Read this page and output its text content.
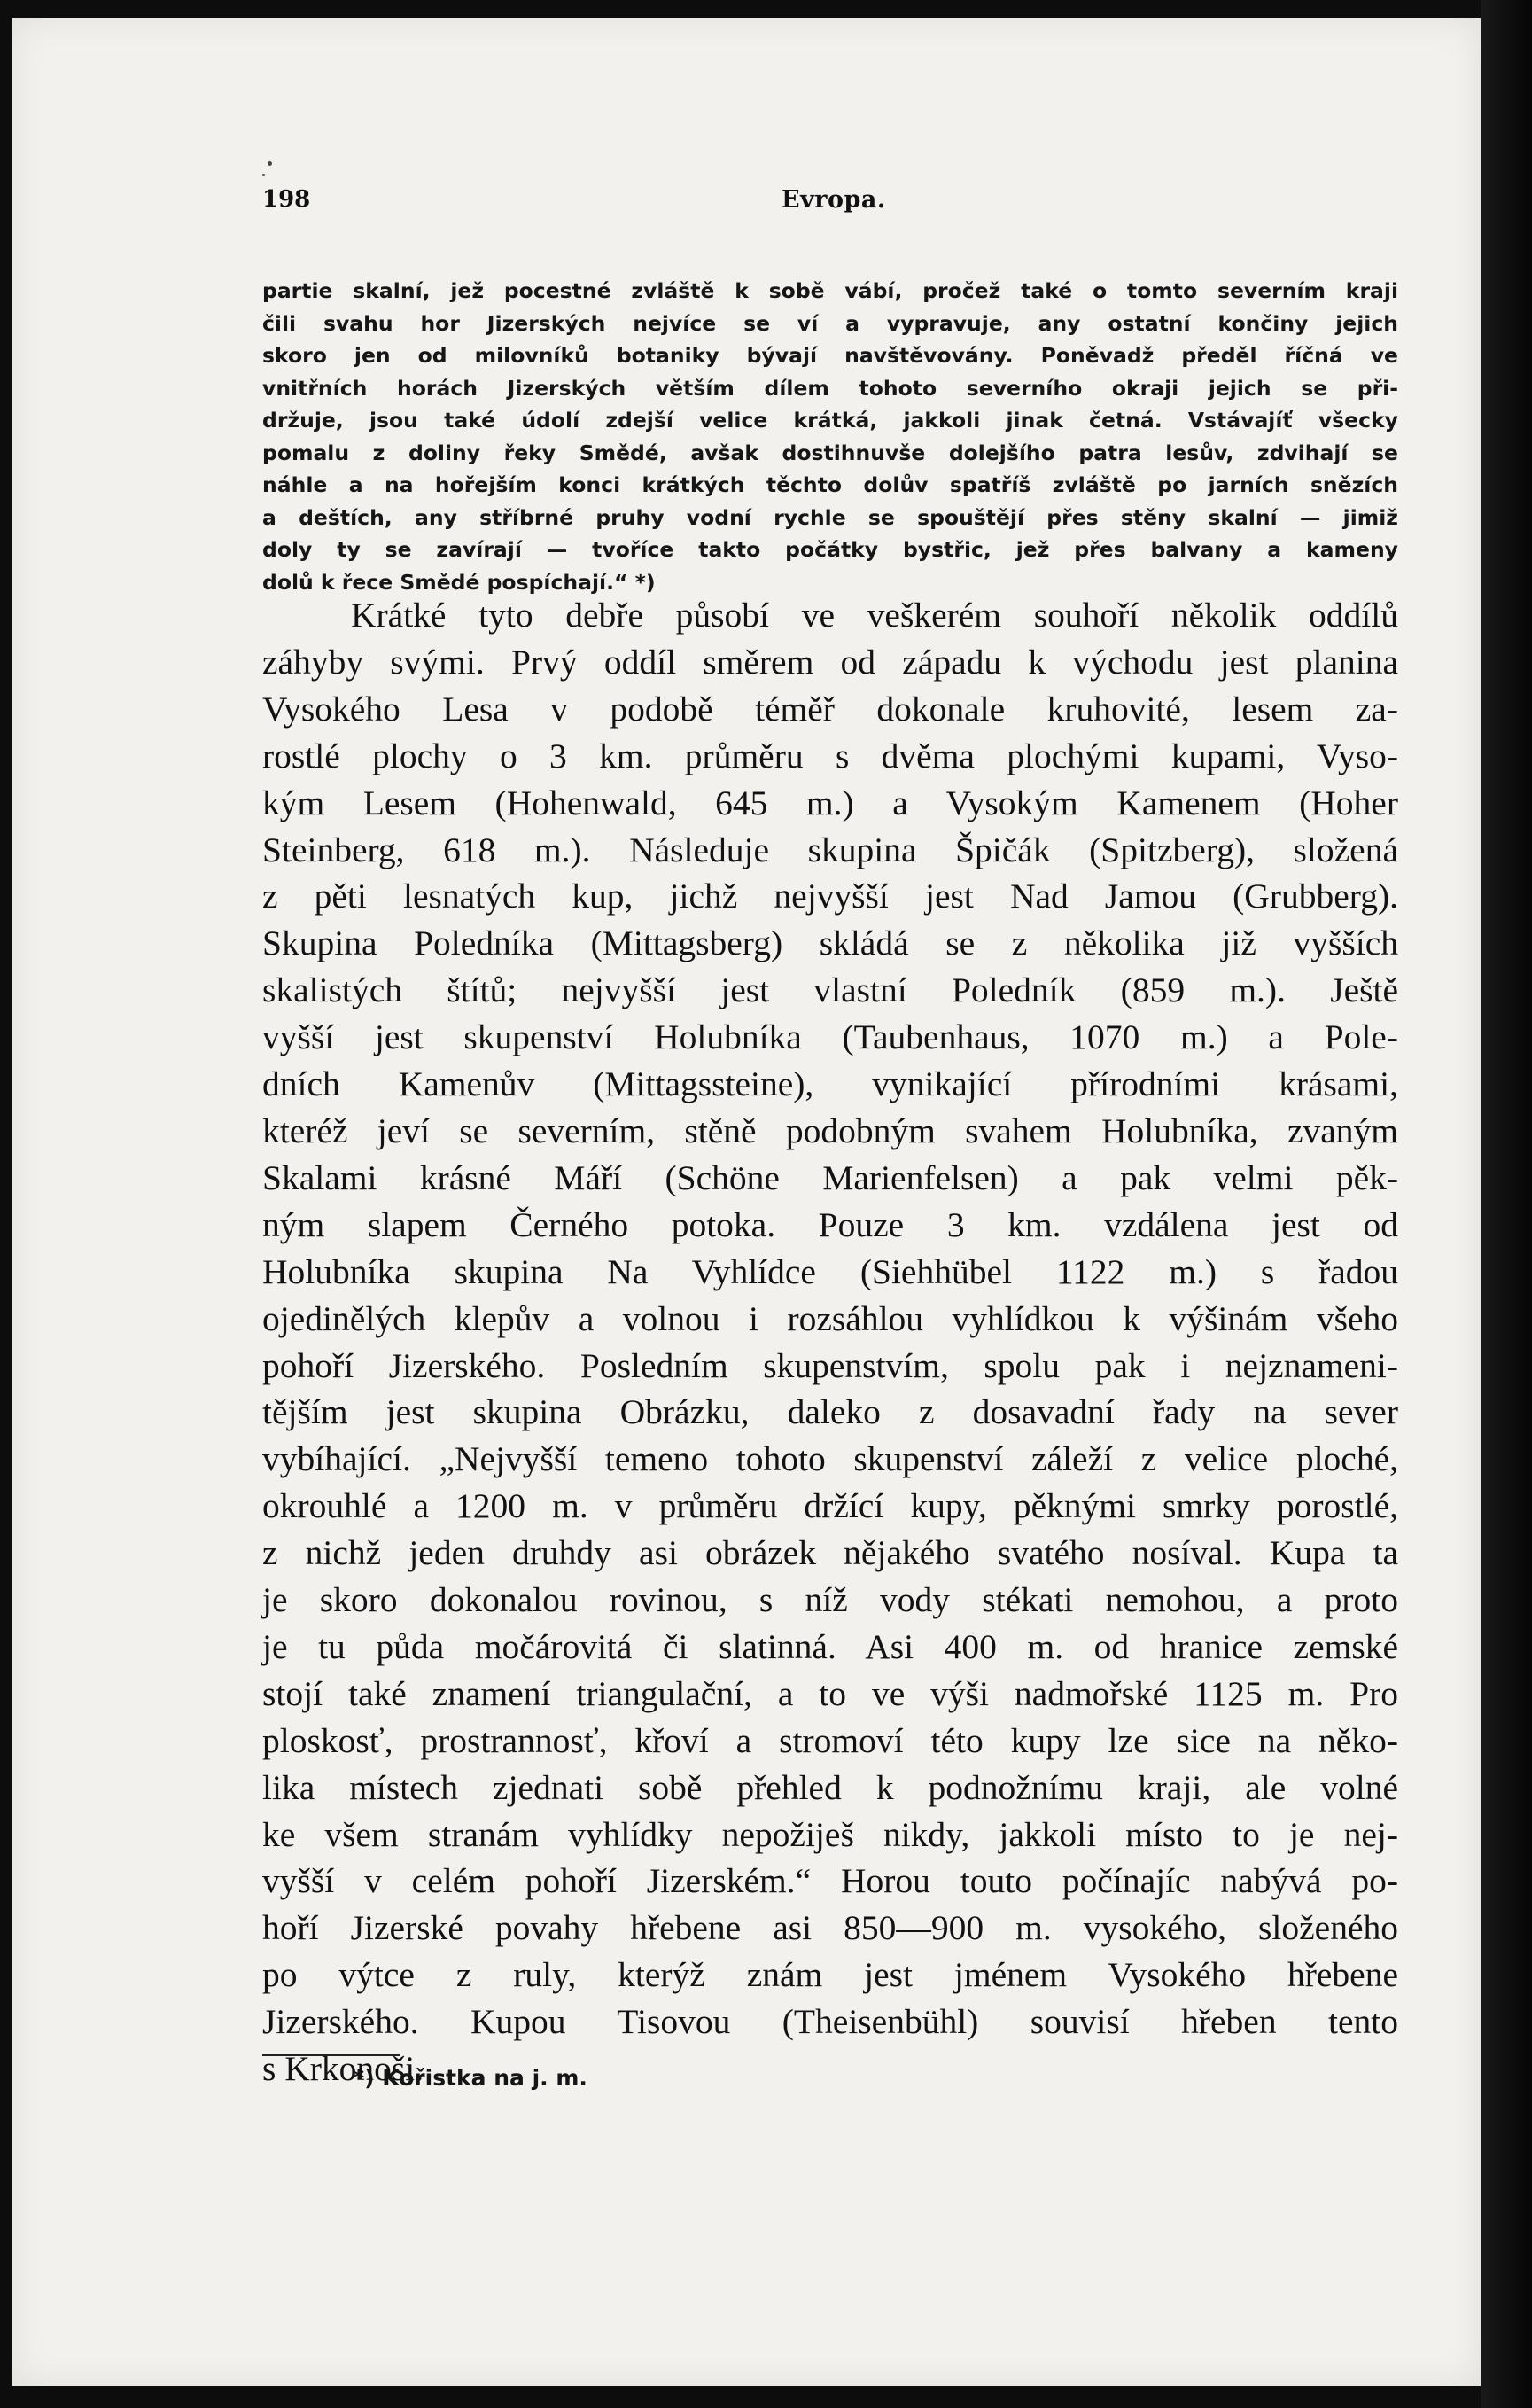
198	Evropa.
partie skalní, jež pocestné zvláště k sobě vábí, pročež také o tomto severním kraji
čili svahu hor Jizerských nejvíce se ví a vypravuje, any ostatní končiny jejich
skoro jen od milovníků botaniky bývají navštěvovány. Poněvadž předěl říčná ve
vnitřních horách Jizerských větším dílem tohoto severního okraji jejich se při-
držuje, jsou také údolí zdejší velice krátká, jakkoli jinak četná. Vstávajíť všecky
pomalu z doliny řeky Smědé, avšak dostihnuvše dolejšího patra lesův, zdvihají se
náhle a na hořejším konci krátkých těchto dolův spatříš zvláště po jarních snězích
a deštích, any stříbrné pruhy vodní rychle se spouštějí přes stěny skalní — jimiž
doly ty se zavírají — tvoříce takto počátky bystřic, jež přes balvany a kameny
dolů k řece Smědé pospíchají.“ *)
Krátké tyto debře působí ve veškerém souhoří několik oddílů
záhyby svými. Prvý oddíl směrem od západu k východu jest planina
Vysokého Lesa v podobě téměř dokonale kruhovité, lesem za-
rostlé plochy o 3 km. průměru s dvěma plochými kupami, Vyso-
kým Lesem (Hohenwald, 645 m.) a Vysokým Kamenem (Hoher
Steinberg, 618 m.). Následuje skupina Špičák (Spitzberg), složená
z pěti lesnatých kup, jichž nejvyšší jest Nad Jamou (Grubberg).
Skupina Poledníka (Mittagsberg) skládá se z několika již vyšších
skalistých štítů; nejvyšší jest vlastní Poledník (859 m.). Ještě
vyšší jest skupenství Holubníka (Taubenhaus, 1070 m.) a Pole-
dních Kamenův (Mittagssteine), vynikající přírodními krásami,
kteréž jeví se severním, stěně podobným svahem Holubníka, zvaným
Skalami krásné Máří (Schöne Marienfelsen) a pak velmi pěk-
ným slapem Černého potoka. Pouze 3 km. vzdálena jest od
Holubníka skupina Na Vyhlídce (Siehhübel 1122 m.) s řadou
ojedinělých klepův a volnou i rozsáhlou vyhlídkou k výšinám všeho
pohoří Jizerského. Posledním skupenstvím, spolu pak i nejznameni-
tějším jest skupina Obrázku, daleko z dosavadní řady na sever
vybíhající. „Nejvyšší temeno tohoto skupenství záleží z velice ploché,
okrouhlé a 1200 m. v průměru držící kupy, pěknými smrky porostlé,
z nichž jeden druhdy asi obrázek nějakého svatého nosíval. Kupa ta
je skoro dokonalou rovinou, s níž vody stékati nemohou, a proto
je tu půda močárovitá či slatinná. Asi 400 m. od hranice zemské
stojí také znamení triangulační, a to ve výši nadmořské 1125 m. Pro
ploskosť, prostrannosť, křoví a stromoví této kupy lze sice na něko-
lika místech zjednati sobě přehled k podnožnímu kraji, ale volné
ke všem stranám vyhlídky nepožiješ nikdy, jakkoli místo to je nej-
vyšší v celém pohoří Jizerském.“ Horou touto počínajíc nabývá po-
hoří Jizerské povahy hřebene asi 850—900 m. vysokého, složeného
po výtce z ruly, kterýž znám jest jménem Vysokého hřebene
Jizerského. Kupou Tisovou (Theisenbühl) souvisí hřeben tento
s Krkonoši.
*) Kořistka na j. m.
